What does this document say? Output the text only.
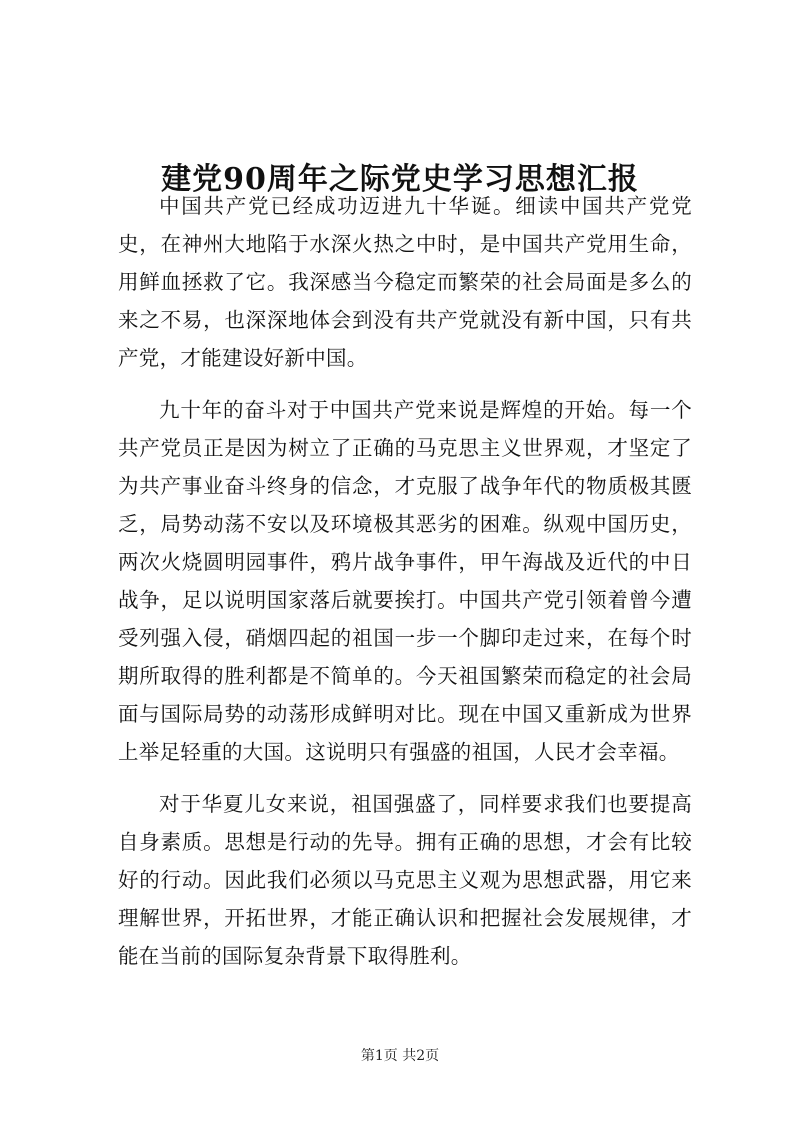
建党90周年之际党史学习思想汇报

中国共产党已经成功迈进九十华诞。细读中国共产党党史，在神州大地陷于水深火热之中时，是中国共产党用生命，用鲜血拯救了它。我深感当今稳定而繁荣的社会局面是多么的来之不易，也深深地体会到没有共产党就没有新中国，只有共产党，才能建设好新中国。

九十年的奋斗对于中国共产党来说是辉煌的开始。每一个共产党员正是因为树立了正确的马克思主义世界观，才坚定了为共产事业奋斗终身的信念，才克服了战争年代的物质极其匮乏，局势动荡不安以及环境极其恶劣的困难。纵观中国历史，两次火烧圆明园事件，鸦片战争事件，甲午海战及近代的中日战争，足以说明国家落后就要挨打。中国共产党引领着曾今遭受列强入侵，硝烟四起的祖国一步一个脚印走过来，在每个时期所取得的胜利都是不简单的。今天祖国繁荣而稳定的社会局面与国际局势的动荡形成鲜明对比。现在中国又重新成为世界上举足轻重的大国。这说明只有强盛的祖国，人民才会幸福。

对于华夏儿女来说，祖国强盛了，同样要求我们也要提高自身素质。思想是行动的先导。拥有正确的思想，才会有比较好的行动。因此我们必须以马克思主义观为思想武器，用它来理解世界，开拓世界，才能正确认识和把握社会发展规律，才能在当前的国际复杂背景下取得胜利。

第1页 共2页
